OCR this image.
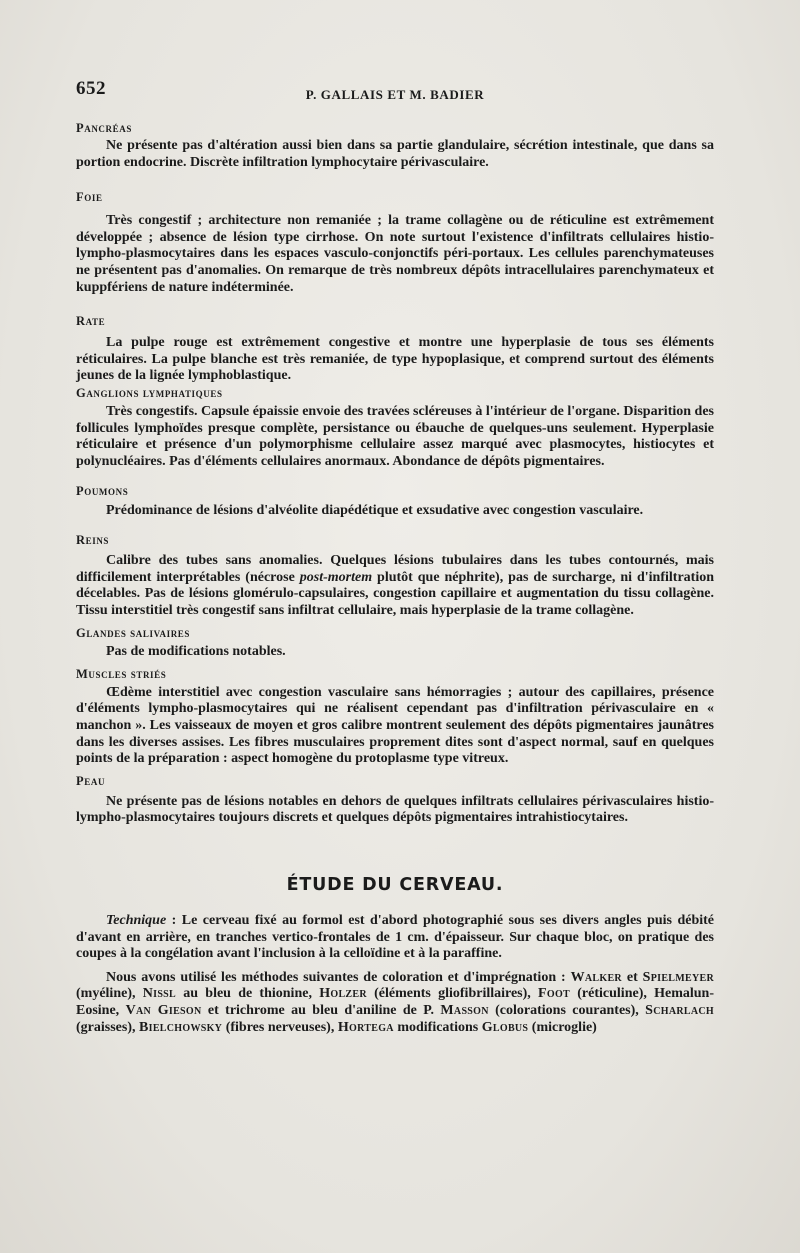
652	P. GALLAIS ET M. BADIER
Pancréas

Ne présente pas d'altération aussi bien dans sa partie glandulaire, sécrétion intestinale, que dans sa portion endocrine. Discrète infiltration lymphocytaire périvasculaire.

Foie

Très congestif ; architecture non remaniée ; la trame collagène ou de réticuline est extrêmement développée ; absence de lésion type cirrhose. On note surtout l'existence d'infiltrats cellulaires histio-lympho-plasmocytaires dans les espaces vasculo-conjonctifs péri-portaux. Les cellules parenchymateuses ne présentent pas d'anomalies. On remarque de très nombreux dépôts intracellulaires parenchymateux et kuppfériens de nature indéterminée.

Rate

La pulpe rouge est extrêmement congestive et montre une hyperplasie de tous ses éléments réticulaires. La pulpe blanche est très remaniée, de type hypoplasique, et comprend surtout des éléments jeunes de la lignée lymphoblastique.

Ganglions lymphatiques

Très congestifs. Capsule épaissie envoie des travées scléreuses à l'intérieur de l'organe. Disparition des follicules lymphoïdes presque complète, persistance ou ébauche de quelques-uns seulement. Hyperplasie réticulaire et présence d'un polymorphisme cellulaire assez marqué avec plasmocytes, histiocytes et polynucléaires. Pas d'éléments cellulaires anormaux. Abondance de dépôts pigmentaires.

Poumons

Prédominance de lésions d'alvéolite diapédétique et exsudative avec congestion vasculaire.

Reins

Calibre des tubes sans anomalies. Quelques lésions tubulaires dans les tubes contournés, mais difficilement interprétables (nécrose post-mortem plutôt que néphrite), pas de surcharge, ni d'infiltration décelables. Pas de lésions glomérulo-capsulaires, congestion capillaire et augmentation du tissu collagène. Tissu interstitiel très congestif sans infiltrat cellulaire, mais hyperplasie de la trame collagène.

Glandes salivaires

Pas de modifications notables.

Muscles striés

Œdème interstitiel avec congestion vasculaire sans hémorragies ; autour des capillaires, présence d'éléments lympho-plasmocytaires qui ne réalisent cependant pas d'infiltration périvasculaire en « manchon ». Les vaisseaux de moyen et gros calibre montrent seulement des dépôts pigmentaires jaunâtres dans les diverses assises. Les fibres musculaires proprement dites sont d'aspect normal, sauf en quelques points de la préparation : aspect homogène du protoplasme type vitreux.

Peau

Ne présente pas de lésions notables en dehors de quelques infiltrats cellulaires périvasculaires histio-lympho-plasmocytaires toujours discrets et quelques dépôts pigmentaires intrahistiocytaires.

ÉTUDE DU CERVEAU.

Technique : Le cerveau fixé au formol est d'abord photographié sous ses divers angles puis débité d'avant en arrière, en tranches vertico-frontales de 1 cm. d'épaisseur. Sur chaque bloc, on pratique des coupes à la congélation avant l'inclusion à la celloïdine et à la paraffine.

Nous avons utilisé les méthodes suivantes de coloration et d'imprégnation : Walker et Spielmeyer (myéline), Nissl au bleu de thionine, Holzer (éléments gliofibrillaires), Foot (réticuline), Hemalun-Eosine, Van Gieson et trichrome au bleu d'aniline de P. Masson (colorations courantes), Scharlach (graisses), Bielchowsky (fibres nerveuses), Hortega modifications Globus (microglie)
